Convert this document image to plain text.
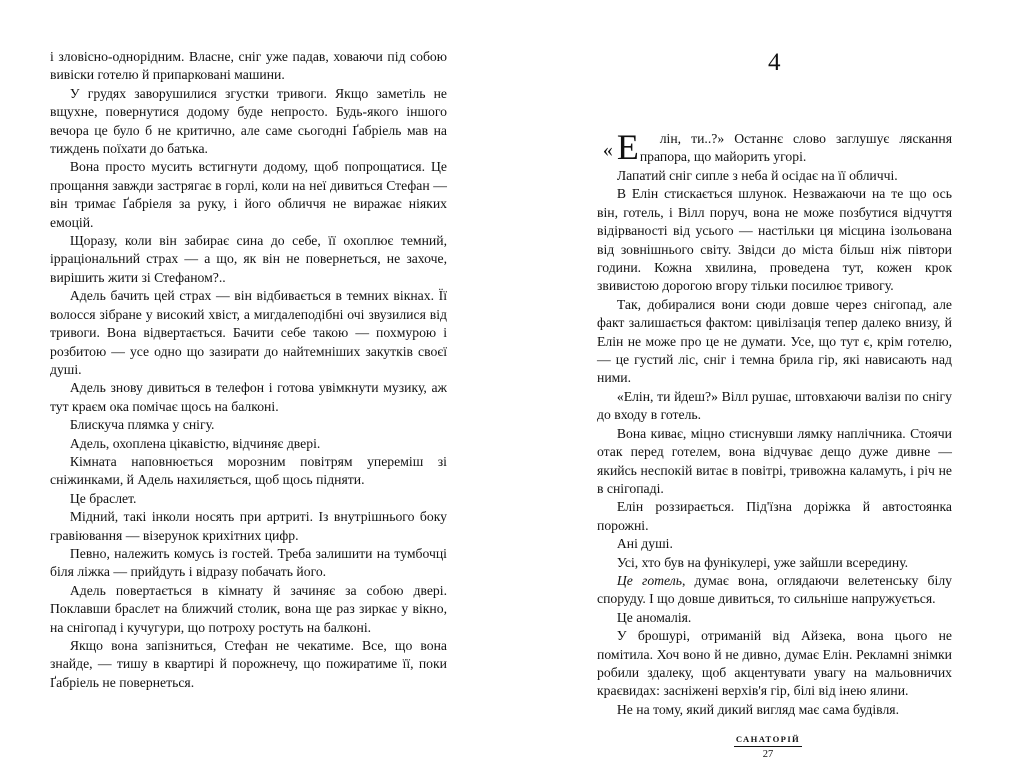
і зловісно-однорідним. Власне, сніг уже падав, ховаючи під собою вивіски готелю й припарковані машини.

У грудях заворушилися згустки тривоги. Якщо заметіль не вщухне, повернутися додому буде непросто. Будь-якого іншого вечора це було б не критично, але саме сьогодні Ґабріель мав на тиждень поїхати до батька.

Вона просто мусить встигнути додому, щоб попрощатися. Це прощання завжди застрягає в горлі, коли на неї дивиться Стефан — він тримає Ґабріеля за руку, і його обличчя не виражає ніяких емоцій.

Щоразу, коли він забирає сина до себе, її охоплює темний, ірраціональний страх — а що, як він не повернеться, не захоче, вирішить жити зі Стефаном?..

Адель бачить цей страх — він відбивається в темних вікнах. Її волосся зібране у високий хвіст, а мигдалеподібні очі звузилися від тривоги. Вона відвертається. Бачити себе такою — похмурою і розбитою — усе одно що зазирати до найтемніших закутків своєї душі.

Адель знову дивиться в телефон і готова увімкнути музику, аж тут краєм ока помічає щось на балконі.

Блискуча плямка у снігу.

Адель, охоплена цікавістю, відчиняє двері.

Кімната наповнюється морозним повітрям упереміш зі сніжинками, й Адель нахиляється, щоб щось підняти.

Це браслет.

Мідний, такі інколи носять при артриті. Із внутрішнього боку гравіювання — візерунок крихітних цифр.

Певно, належить комусь із гостей. Треба залишити на тумбочці біля ліжка — прийдуть і відразу побачать його.

Адель повертається в кімнату й зачиняє за собою двері. Поклавши браслет на ближчий столик, вона ще раз зиркає у вікно, на снігопад і кучугури, що потроху ростуть на балконі.

Якщо вона запізниться, Стефан не чекатиме. Все, що вона знайде, — тишу в квартирі й порожнечу, що пожиратиме її, поки Ґабріель не повернеться.

4

« Е лін, ти..?» Останнє слово заглушує ляскання прапора, що майорить угорі.

Лапатий сніг сипле з неба й осідає на її обличчі.

В Елін стискається шлунок. Незважаючи на те що ось він, готель, і Вілл поруч, вона не може позбутися відчуття відірваності від усього — настільки ця місцина ізольована від зовнішнього світу. Звідси до міста більш ніж півтори години. Кожна хвилина, проведена тут, кожен крок звивистою дорогою вгору тільки посилює тривогу.

Так, добиралися вони сюди довше через снігопад, але факт залишається фактом: цивілізація тепер далеко внизу, й Елін не може про це не думати. Усе, що тут є, крім готелю, — це густий ліс, сніг і темна брила гір, які нависають над ними.

«Елін, ти йдеш?» Вілл рушає, штовхаючи валізи по снігу до входу в готель.

Вона киває, міцно стиснувши лямку наплічника. Стоячи отак перед готелем, вона відчуває дещо дуже дивне — якийсь неспокій витає в повітрі, тривожна каламуть, і річ не в снігопаді.

Елін роззирається. Під'їзна доріжка й автостоянка порожні.

Ані душі.

Усі, хто був на фунікулері, уже зайшли всередину.

Це готель, думає вона, оглядаючи велетенську білу споруду. І що довше дивиться, то сильніше напружується.

Це аномалія.

У брошурі, отриманій від Айзека, вона цього не помітила. Хоч воно й не дивно, думає Елін. Рекламні знімки робили здалеку, щоб акцентувати увагу на мальовничих краєвидах: засніжені верхів'я гір, білі від інею ялини.

Не на тому, який дикий вигляд має сама будівля.

САНАТОРІЙ
27
